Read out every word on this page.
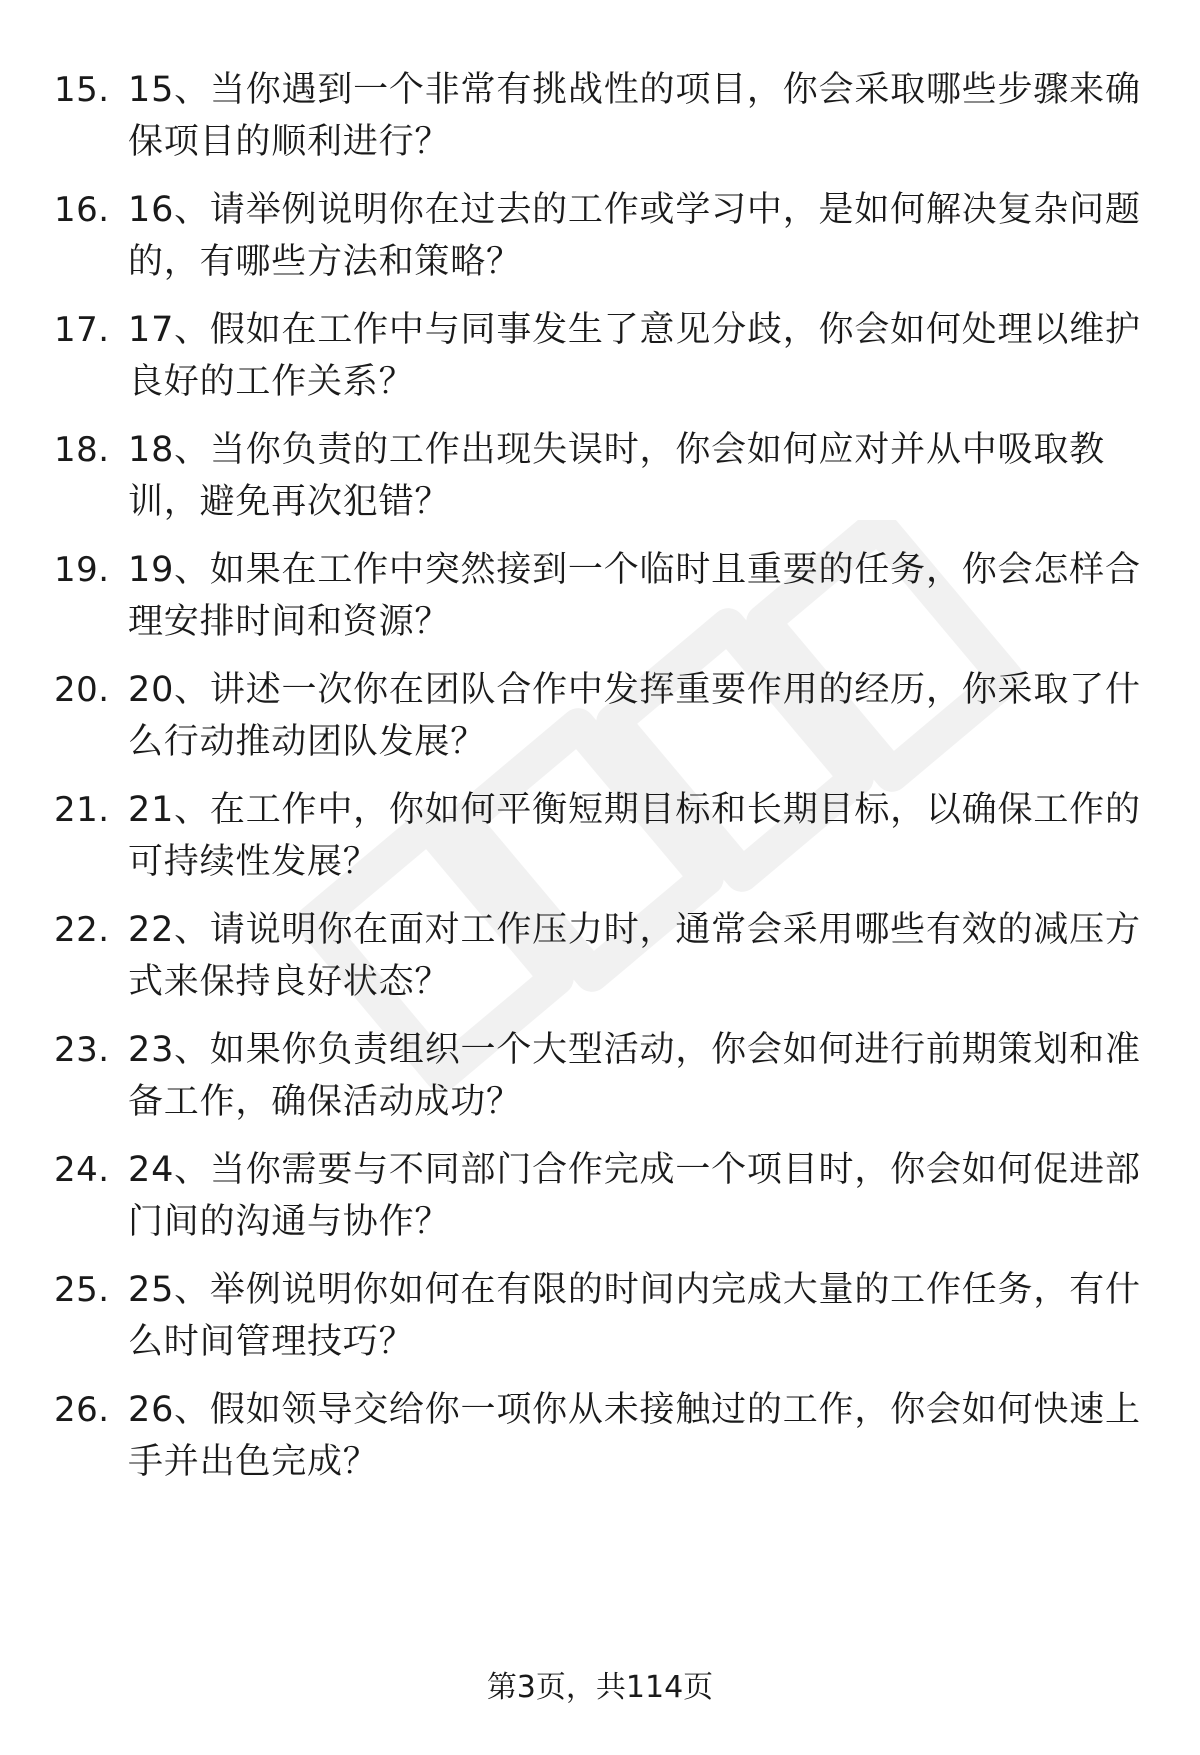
15. 15、当你遇到一个非常有挑战性的项目，你会采取哪些步骤来确保项目的顺利进行？
16. 16、请举例说明你在过去的工作或学习中，是如何解决复杂问题的，有哪些方法和策略？
17. 17、假如在工作中与同事发生了意见分歧，你会如何处理以维护良好的工作关系？
18. 18、当你负责的工作出现失误时，你会如何应对并从中吸取教训，避免再次犯错？
19. 19、如果在工作中突然接到一个临时且重要的任务，你会怎样合理安排时间和资源？
20. 20、讲述一次你在团队合作中发挥重要作用的经历，你采取了什么行动推动团队发展？
21. 21、在工作中，你如何平衡短期目标和长期目标，以确保工作的可持续性发展？
22. 22、请说明你在面对工作压力时，通常会采用哪些有效的减压方式来保持良好状态？
23. 23、如果你负责组织一个大型活动，你会如何进行前期策划和准备工作，确保活动成功？
24. 24、当你需要与不同部门合作完成一个项目时，你会如何促进部门间的沟通与协作？
25. 25、举例说明你如何在有限的时间内完成大量的工作任务，有什么时间管理技巧？
26. 26、假如领导交给你一项你从未接触过的工作，你会如何快速上手并出色完成？
第3页，共114页
